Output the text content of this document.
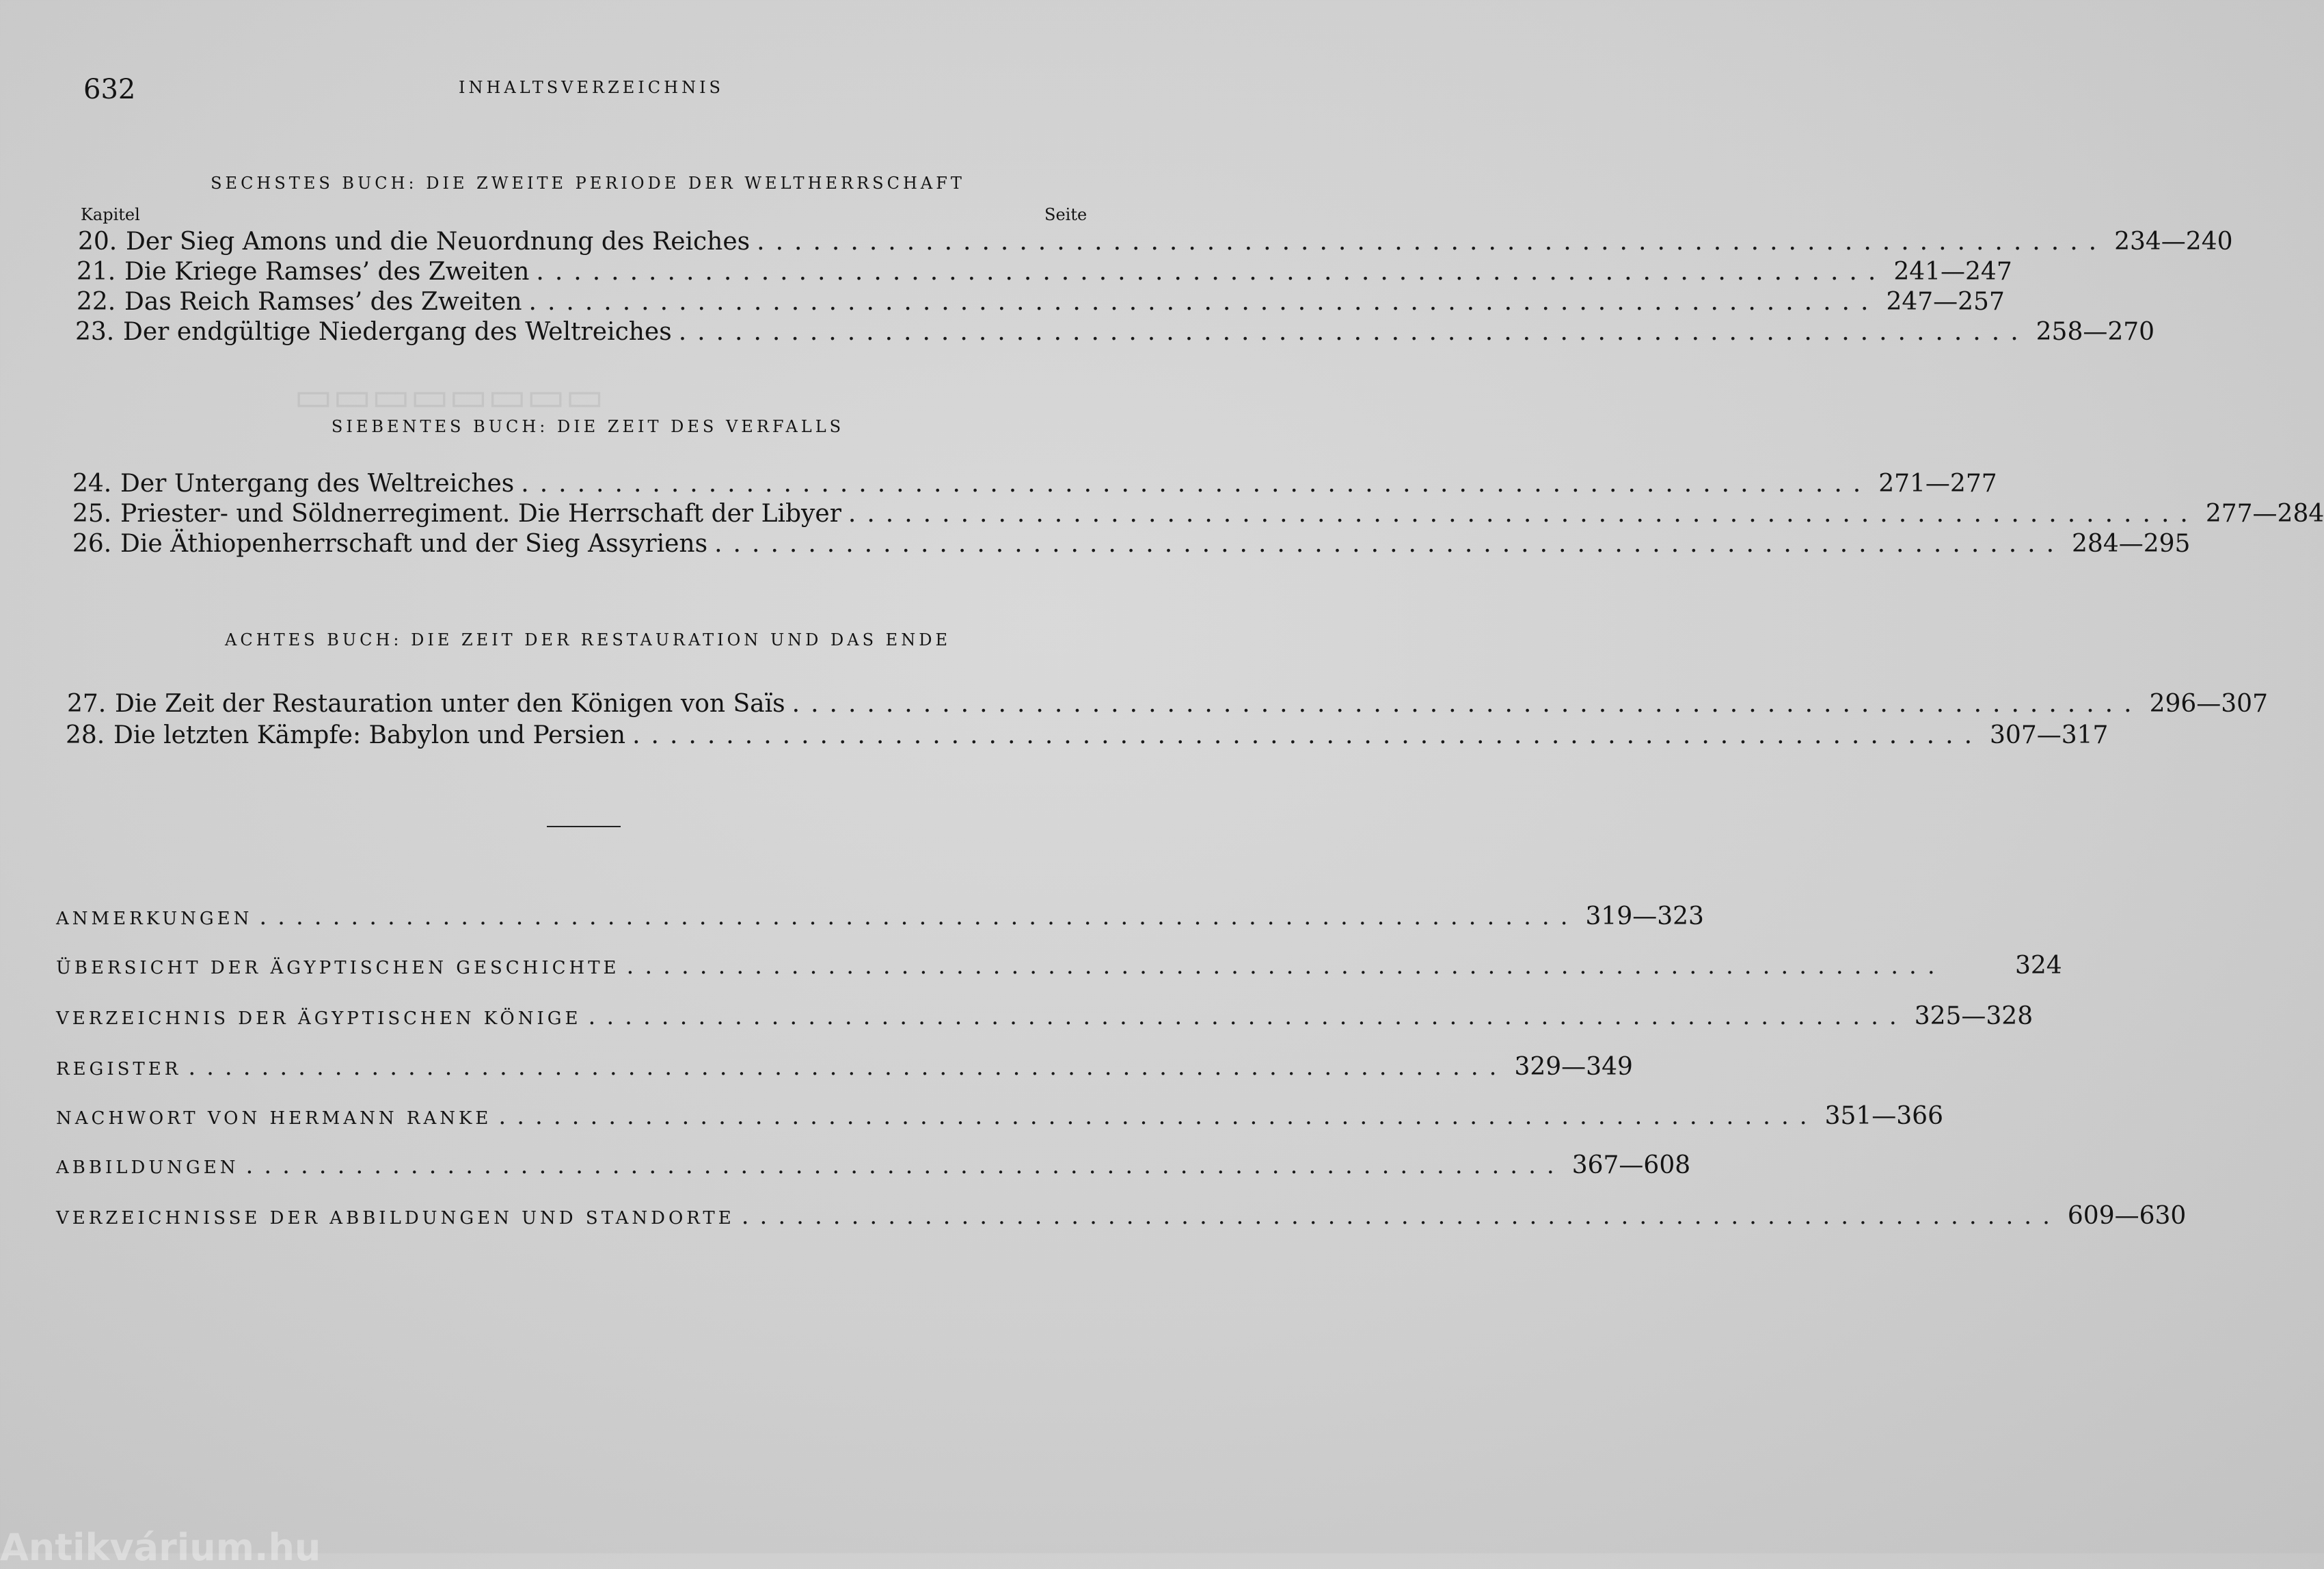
▭▭▭▭▭▭▭▭
632	INHALTSVERZEICHNIS
SECHSTES BUCH: DIE ZWEITE PERIODE DER WELTHERRSCHAFT
Kapitel	Seite
20. Der Sieg Amons und die Neuordnung des Reiches ........................................................................ 234—240
21. Die Kriege Ramses’ des Zweiten ........................................................................ 241—247
22. Das Reich Ramses’ des Zweiten ........................................................................ 247—257
23. Der endgültige Niedergang des Weltreiches ........................................................................ 258—270
SIEBENTES BUCH: DIE ZEIT DES VERFALLS
24. Der Untergang des Weltreiches ........................................................................ 271—277
25. Priester- und Söldnerregiment. Die Herrschaft der Libyer ........................................................................ 277—284
26. Die Äthiopenherrschaft und der Sieg Assyriens ........................................................................ 284—295
ACHTES BUCH: DIE ZEIT DER RESTAURATION UND DAS ENDE
27. Die Zeit der Restauration unter den Königen von Saïs ........................................................................ 296—307
28. Die letzten Kämpfe: Babylon und Persien ........................................................................ 307—317
ANMERKUNGEN ........................................................................ 319—323
ÜBERSICHT DER ÄGYPTISCHEN GESCHICHTE ........................................................................	324
VERZEICHNIS DER ÄGYPTISCHEN KÖNIGE ........................................................................ 325—328
REGISTER ........................................................................ 329—349
NACHWORT VON HERMANN RANKE ........................................................................ 351—366
ABBILDUNGEN ........................................................................ 367—608
VERZEICHNISSE DER ABBILDUNGEN UND STANDORTE ........................................................................ 609—630
Antikvárium.hu
